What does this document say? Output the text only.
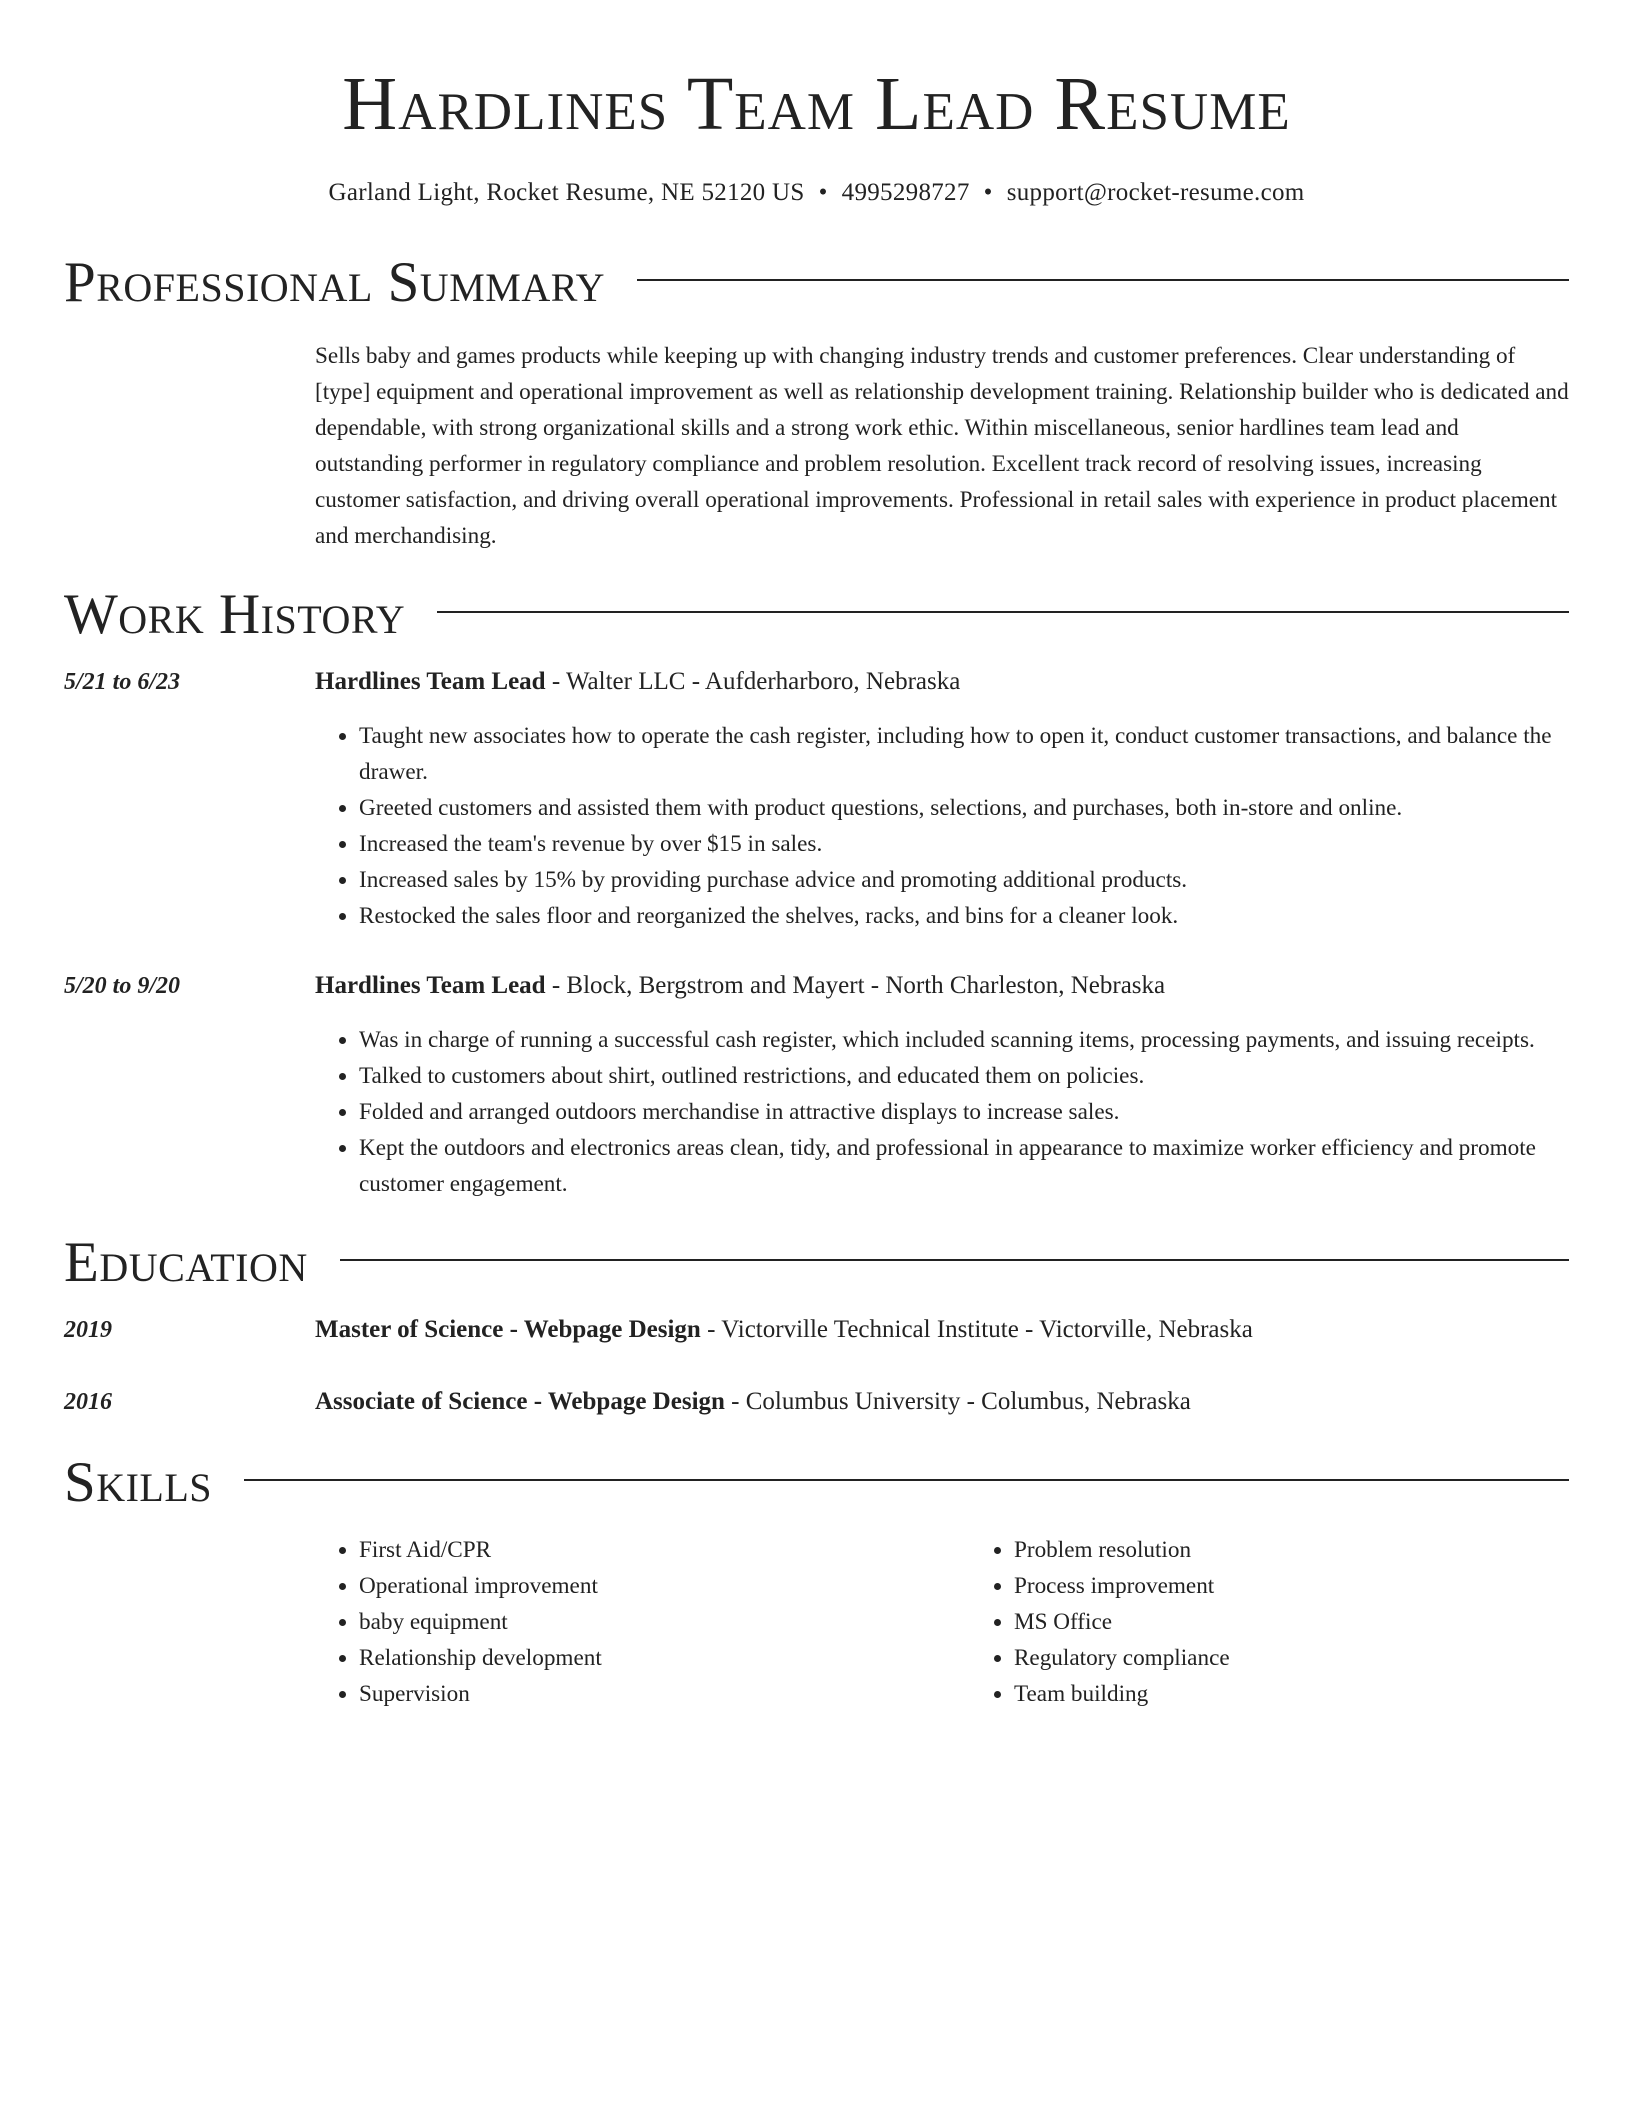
Hardlines Team Lead Resume
Garland Light, Rocket Resume, NE 52120 US • 4995298727 • support@rocket-resume.com
Professional Summary

Sells baby and games products while keeping up with changing industry trends and customer preferences. Clear understanding of [type] equipment and operational improvement as well as relationship development training. Relationship builder who is dedicated and dependable, with strong organizational skills and a strong work ethic. Within miscellaneous, senior hardlines team lead and outstanding performer in regulatory compliance and problem resolution. Excellent track record of resolving issues, increasing customer satisfaction, and driving overall operational improvements. Professional in retail sales with experience in product placement and merchandising.

Work History
5/21 to 6/23	Hardlines Team Lead - Walter LLC - Aufderharboro, Nebraska
• Taught new associates how to operate the cash register, including how to open it, conduct customer transactions, and balance the drawer.
• Greeted customers and assisted them with product questions, selections, and purchases, both in-store and online.
• Increased the team's revenue by over $15 in sales.
• Increased sales by 15% by providing purchase advice and promoting additional products.
• Restocked the sales floor and reorganized the shelves, racks, and bins for a cleaner look.
5/20 to 9/20	Hardlines Team Lead - Block, Bergstrom and Mayert - North Charleston, Nebraska
• Was in charge of running a successful cash register, which included scanning items, processing payments, and issuing receipts.
• Talked to customers about shirt, outlined restrictions, and educated them on policies.
• Folded and arranged outdoors merchandise in attractive displays to increase sales.
• Kept the outdoors and electronics areas clean, tidy, and professional in appearance to maximize worker efficiency and promote customer engagement.
Education
2019	Master of Science - Webpage Design - Victorville Technical Institute - Victorville, Nebraska
2016	Associate of Science - Webpage Design - Columbus University - Columbus, Nebraska
Skills
• First Aid/CPR
• Operational improvement
• baby equipment
• Relationship development
• Supervision
• Problem resolution
• Process improvement
• MS Office
• Regulatory compliance
• Team building
